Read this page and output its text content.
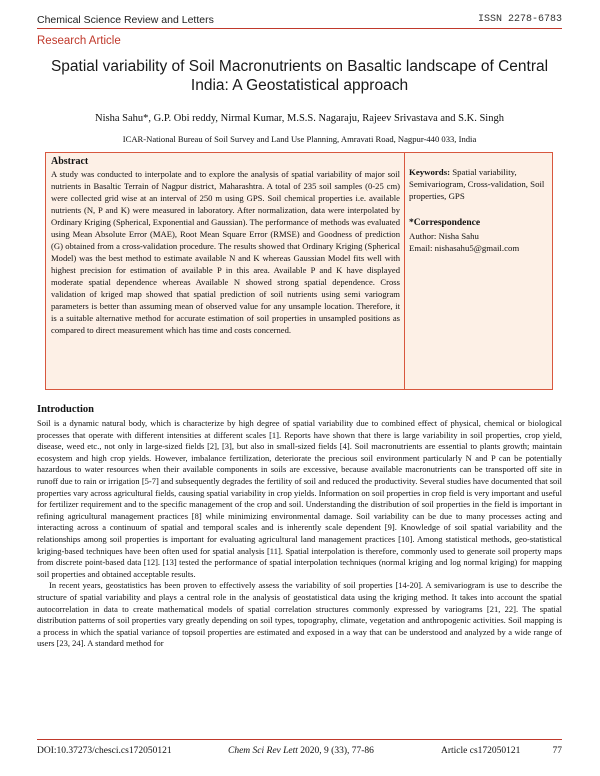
Chemical Science Review and Letters	ISSN 2278-6783
Research Article
Spatial variability of Soil Macronutrients on Basaltic landscape of Central India: A Geostatistical approach
Nisha Sahu*, G.P. Obi reddy, Nirmal Kumar, M.S.S. Nagaraju, Rajeev Srivastava and S.K. Singh
ICAR-National Bureau of Soil Survey and Land Use Planning, Amravati Road, Nagpur-440 033, India
Abstract
A study was conducted to interpolate and to explore the analysis of spatial variability of major soil nutrients in Basaltic Terrain of Nagpur district, Maharashtra. A total of 235 soil samples (0-25 cm) were collected grid wise at an interval of 250 m using GPS. Soil chemical properties i.e. available nutrients (N, P and K) were measured in laboratory. After normalization, data were interpolated by Ordinary Kriging (Spherical, Exponential and Gaussian). The performance of methods was evaluated using Mean Absolute Error (MAE), Root Mean Square Error (RMSE) and Goodness of prediction (G) obtained from a cross-validation procedure. The results showed that Ordinary Kriging (Spherical Model) was the best method to estimate available N and K whereas Gaussian Model fits well with highest precision for estimation of available P in this area. Available P and K have displayed moderate spatial dependence whereas Available N showed strong spatial dependence. Cross validation of kriged map showed that spatial prediction of soil nutrients using semi variogram parameters is better than assuming mean of observed value for any unsample location. Therefore, it is a suitable alternative method for accurate estimation of soil properties in unsampled positions as compared to direct measurement which has time and costs concerned.
Keywords: Spatial variability, Semivariogram, Cross-validation, Soil properties, GPS
*Correspondence
Author: Nisha Sahu
Email: nishasahu5@gmail.com
Introduction

Soil is a dynamic natural body, which is characterize by high degree of spatial variability due to combined effect of physical, chemical or biological processes that operate with different intensities at different scales [1]. Reports have shown that there is large variability in soil properties, crop yield, disease, weed etc., not only in large-sized fields [2], [3], but also in small-sized fields [4]. Soil macronutrients are essential to plants growth; maintain ecosystem and high crop yields. However, imbalance fertilization, deteriorate the precious soil environment particularly N and P can be potentially hazardous to water resources when their available components in soils are excessive, because available macronutrients can be transported off site in runoff due to rain or irrigation [5-7] and subsequently degrades the fertility of soil and reduced the productivity. Several studies have documented that soil properties vary across agricultural fields, causing spatial variability in crop yields. Information on soil properties in crop field is very important and useful for fertilizer requirement and to the specific management of the crop and soil. Understanding the distribution of soil properties in the field is important in refining agricultural management practices [8] while minimizing environmental damage. Soil variability can be due to many processes acting and interacting across a continuum of spatial and temporal scales and is inherently scale dependent [9]. Knowledge of soil spatial variability and the relationships among soil properties is important for evaluating agricultural land management practices [10]. Among statistical methods, geo-statistical kriging-based techniques have been often used for spatial analysis [11]. Spatial interpolation is therefore, commonly used to generate soil property maps from discrete point-based data [12]. [13] tested the performance of spatial interpolation techniques (normal kriging and log normal kriging) for mapping soil properties and obtained acceptable results.

In recent years, geostatistics has been proven to effectively assess the variability of soil properties [14-20]. A semivariogram is use to describe the structure of spatial variability and plays a central role in the analysis of geostatistical data using the kriging method. It takes into account the spatial autocorrelation in data to create mathematical models of spatial correlation structures commonly expressed by variograms [21, 22]. The spatial distribution patterns of soil properties vary greatly depending on soil types, topography, climate, vegetation and anthropogenic activities. Soil mapping is a process in which the spatial variance of topsoil properties are estimated and exposed in a way that can be understood and analyzed by a wide range of users [23, 24]. A standard method for

DOI:10.37273/chesci.cs172050121	Chem Sci Rev Lett 2020, 9 (33), 77-86	Article cs172050121	77
